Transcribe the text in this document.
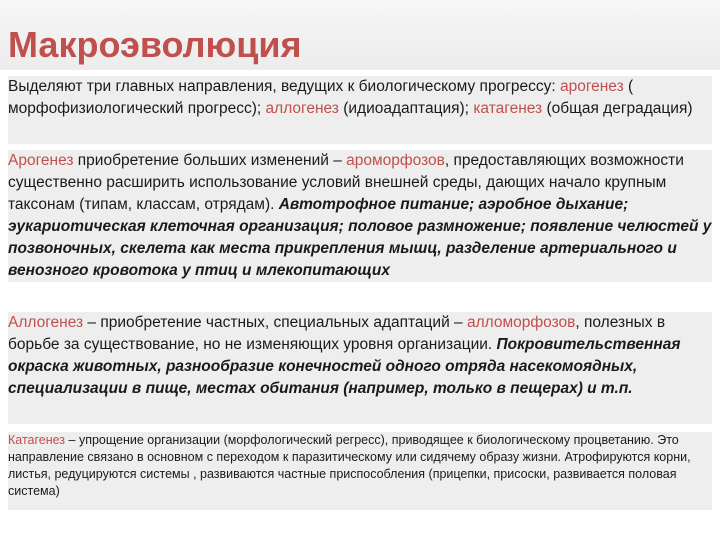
Макроэволюция
Выделяют три главных направления, ведущих к биологическому прогрессу: арогенез ( морфофизиологический прогресс); аллогенез (идиоадаптация); катагенез (общая деградация)
Арогенез приобретение больших изменений – ароморфозов, предоставляющих возможности существенно расширить использование условий внешней среды, дающих начало крупным таксонам (типам, классам, отрядам). Автотрофное питание; аэробное дыхание; эукариотическая клеточная организация; половое размножение; появление челюстей у позвоночных, скелета как места прикрепления мышц, разделение артериального и венозного кровотока у птиц и млекопитающих
Аллогенез – приобретение частных, специальных адаптаций – алломорфозов, полезных в борьбе за существование, но не изменяющих уровня организации. Покровительственная окраска животных, разнообразие конечностей одного отряда насекомоядных, специализации в пище, местах обитания (например, только в пещерах) и т.п.
Катагенез – упрощение организации (морфологический регресс), приводящее к биологическому процветанию. Это направление связано в основном с переходом к паразитическому или сидячему образу жизни. Атрофируются корни, листья, редуцируются системы , развиваются частные приспособления (прицепки, присоски, развивается половая система)
